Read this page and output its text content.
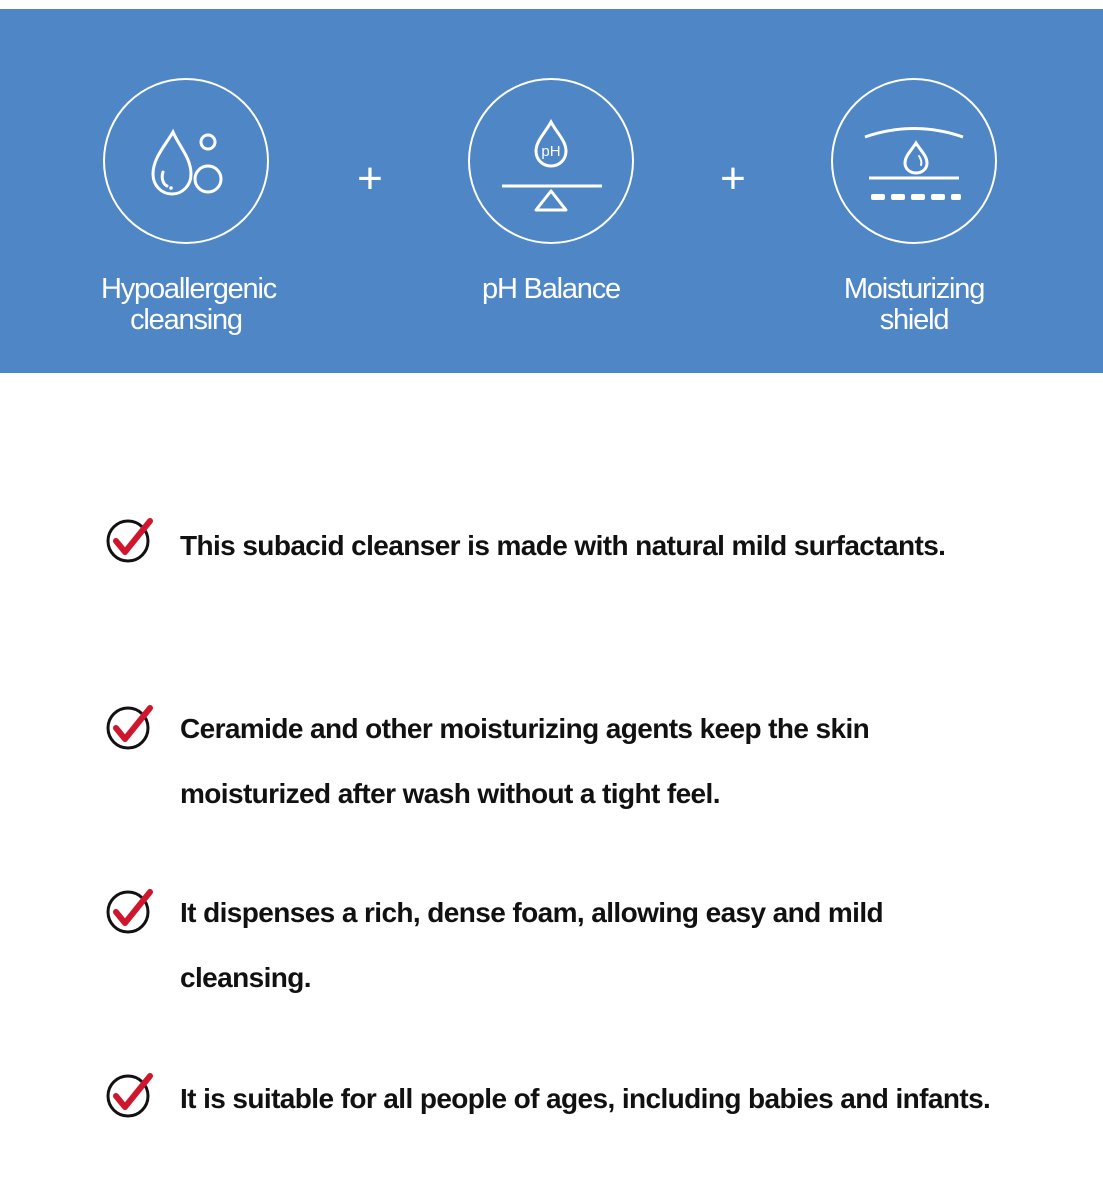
Hypoallergenic
cleansing
+
pH
pH Balance
+
Moisturizing
shield
This subacid cleanser is made with natural mild surfactants.
Ceramide and other moisturizing agents keep the skin moisturized after wash without a tight feel.
It dispenses a rich, dense foam, allowing easy and mild cleansing.
It is suitable for all people of ages, including babies and infants.
